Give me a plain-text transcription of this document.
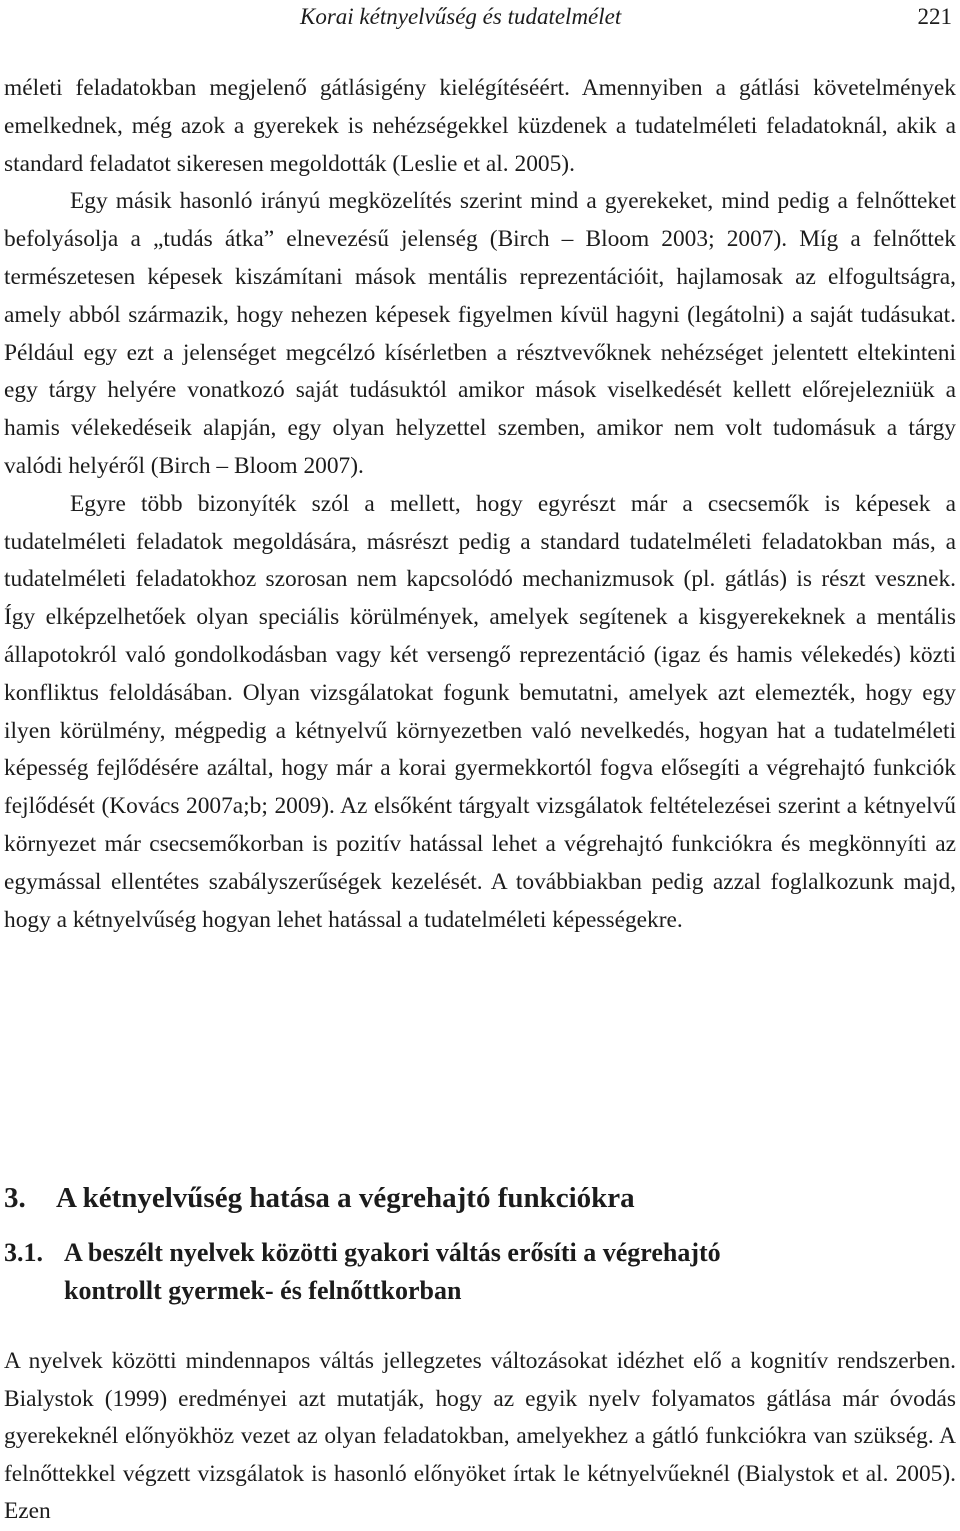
Korai kétnyelvűség és tudatelmélet	221

méleti feladatokban megjelenő gátlásigény kielégítéséért. Amennyiben a gátlási követelmények emelkednek, még azok a gyerekek is nehézségekkel küzdenek a tudatelméleti feladatoknál, akik a standard feladatot sikeresen megoldották (Leslie et al. 2005).

Egy másik hasonló irányú megközelítés szerint mind a gyerekeket, mind pedig a felnőtteket befolyásolja a „tudás átka” elnevezésű jelenség (Birch – Bloom 2003; 2007). Míg a felnőttek természetesen képesek kiszámítani mások mentális reprezentációit, hajlamosak az elfogultságra, amely abból származik, hogy nehezen képesek figyelmen kívül hagyni (legátolni) a saját tudásukat. Például egy ezt a jelenséget megcélzó kísérletben a résztvevőknek nehézséget jelentett eltekinteni egy tárgy helyére vonatkozó saját tudásuktól amikor mások viselkedését kellett előrejelezniük a hamis vélekedéseik alapján, egy olyan helyzettel szemben, amikor nem volt tudomásuk a tárgy valódi helyéről (Birch – Bloom 2007).

Egyre több bizonyíték szól a mellett, hogy egyrészt már a csecsemők is képesek a tudatelméleti feladatok megoldására, másrészt pedig a standard tudatelméleti feladatokban más, a tudatelméleti feladatokhoz szorosan nem kapcsolódó mechanizmusok (pl. gátlás) is részt vesznek. Így elképzelhetőek olyan speciális körülmények, amelyek segítenek a kisgyerekeknek a mentális állapotokról való gondolkodásban vagy két versengő reprezentáció (igaz és hamis vélekedés) közti konfliktus feloldásában. Olyan vizsgálatokat fogunk bemutatni, amelyek azt elemezték, hogy egy ilyen körülmény, mégpedig a kétnyelvű környezetben való nevelkedés, hogyan hat a tudatelméleti képesség fejlődésére azáltal, hogy már a korai gyermekkortól fogva elősegíti a végrehajtó funkciók fejlődését (Kovács 2007a;b; 2009). Az elsőként tárgyalt vizsgálatok feltételezései szerint a kétnyelvű környezet már csecsemőkorban is pozitív hatással lehet a végrehajtó funkciókra és megkönnyíti az egymással ellentétes szabályszerűségek kezelését. A továbbiakban pedig azzal foglalkozunk majd, hogy a kétnyelvűség hogyan lehet hatással a tudatelméleti képességekre.

3. A kétnyelvűség hatása a végrehajtó funkciókra
3.1. A beszélt nyelvek közötti gyakori váltás erősíti a végrehajtó
kontrollt gyermek- és felnőttkorban

A nyelvek közötti mindennapos váltás jellegzetes változásokat idézhet elő a kognitív rendszerben. Bialystok (1999) eredményei azt mutatják, hogy az egyik nyelv folyamatos gátlása már óvodás gyerekeknél előnyökhöz vezet az olyan feladatokban, amelyekhez a gátló funkciókra van szükség. A felnőttekkel végzett vizsgálatok is hasonló előnyöket írtak le kétnyelvűeknél (Bialystok et al. 2005). Ezen
